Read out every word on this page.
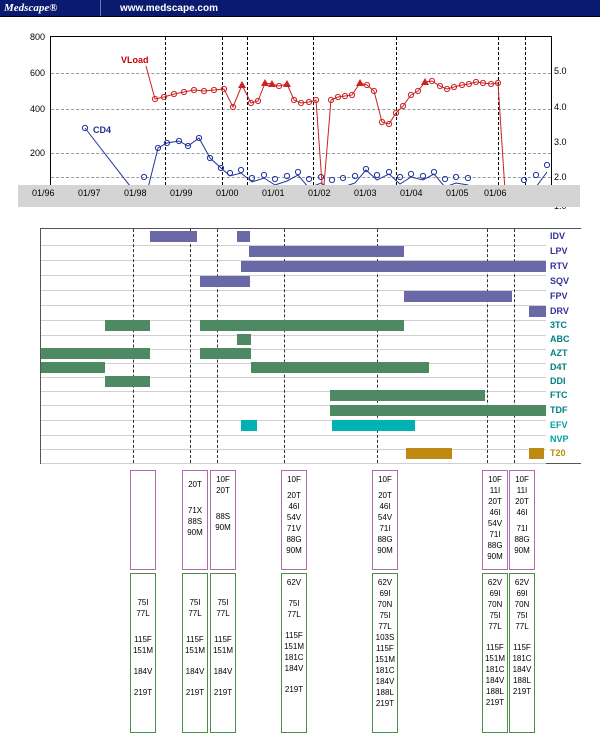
Medscape®	www.medscape.com
800
600
400
200
CD4
VLoad
5.0
4.0
3.0
2.0
01/96	01/97	01/98	01/99	01/00	01/01	01/02	01/03	01/04	01/05 01/06
IDV
LPV
RTV
SQV
FPV
DRV
3TC
ABC
AZT
D4T
DDI
FTC
TDF
EFV
NVP
T20
20T
71X
88S
90M
10F
20T
88S
90M
10F
20T
46I
54V
71V
88G
90M
10F
20T
46I
54V
71I
88G
90M
10F
11I
20T
46I
54V
71I
88G
90M
10F
11I
20T
46I
71I
88G
90M
75I
77L
115F
151M
184V
219T
75I
77L
115F
151M
184V
219T
75I
77L
115F
151M
184V
219T
62V
75I
77L
115F
151M
181C
184V
219T
62V
69I
70N
75I
77L
103S
115F
151M
181C
184V
188L
219T
62V
69I
70N
75I
77L
115F
151M
181C
184V
188L
219T
62V
69I
70N
75I
77L
115F
181C
184V
188L
219T
